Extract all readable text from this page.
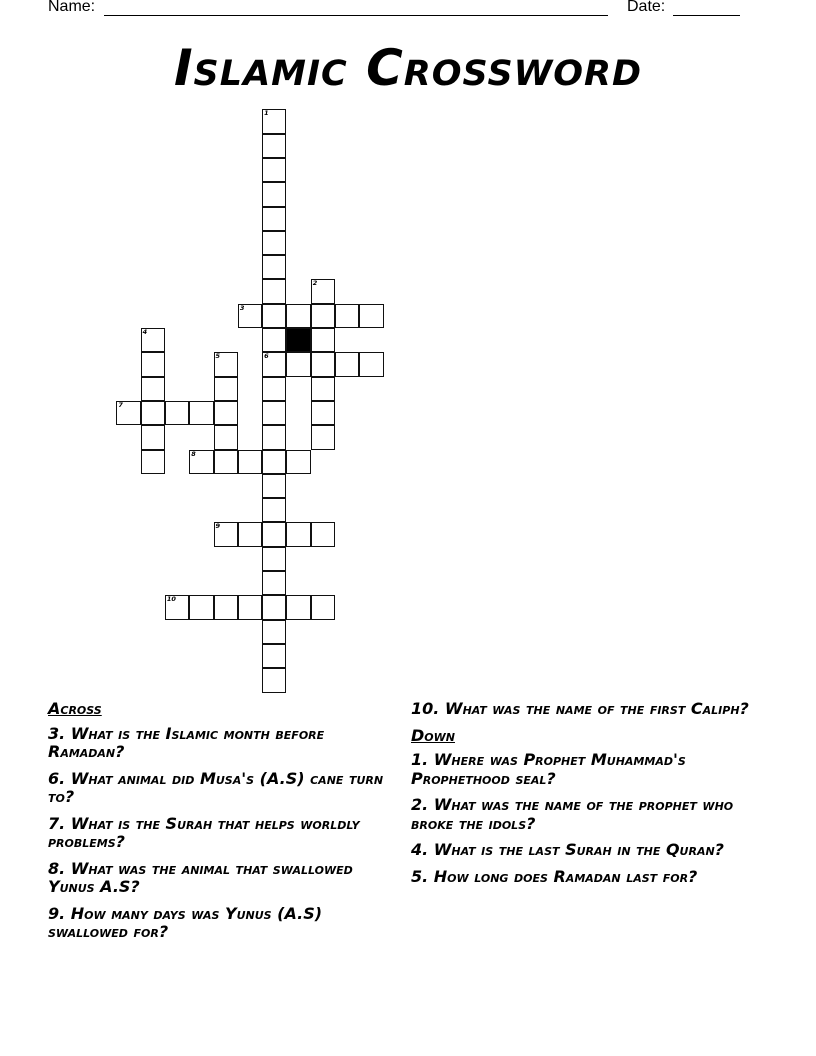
Name:	Date:
Islamic Crossword
1
6
2
3
4
5
7
8
9
10
Across
3. What is the Islamic month before Ramadan?
6. What animal did Musa's (A.S) cane turn to?
7. What is the Surah that helps worldly problems?
8. What was the animal that swallowed Yunus A.S?
9. How many days was Yunus (A.S) swallowed for?
10. What was the name of the first Caliph?
Down
1. Where was Prophet Muhammad's Prophethood seal?
2. What was the name of the prophet who broke the idols?
4. What is the last Surah in the Quran?
5. How long does Ramadan last for?
